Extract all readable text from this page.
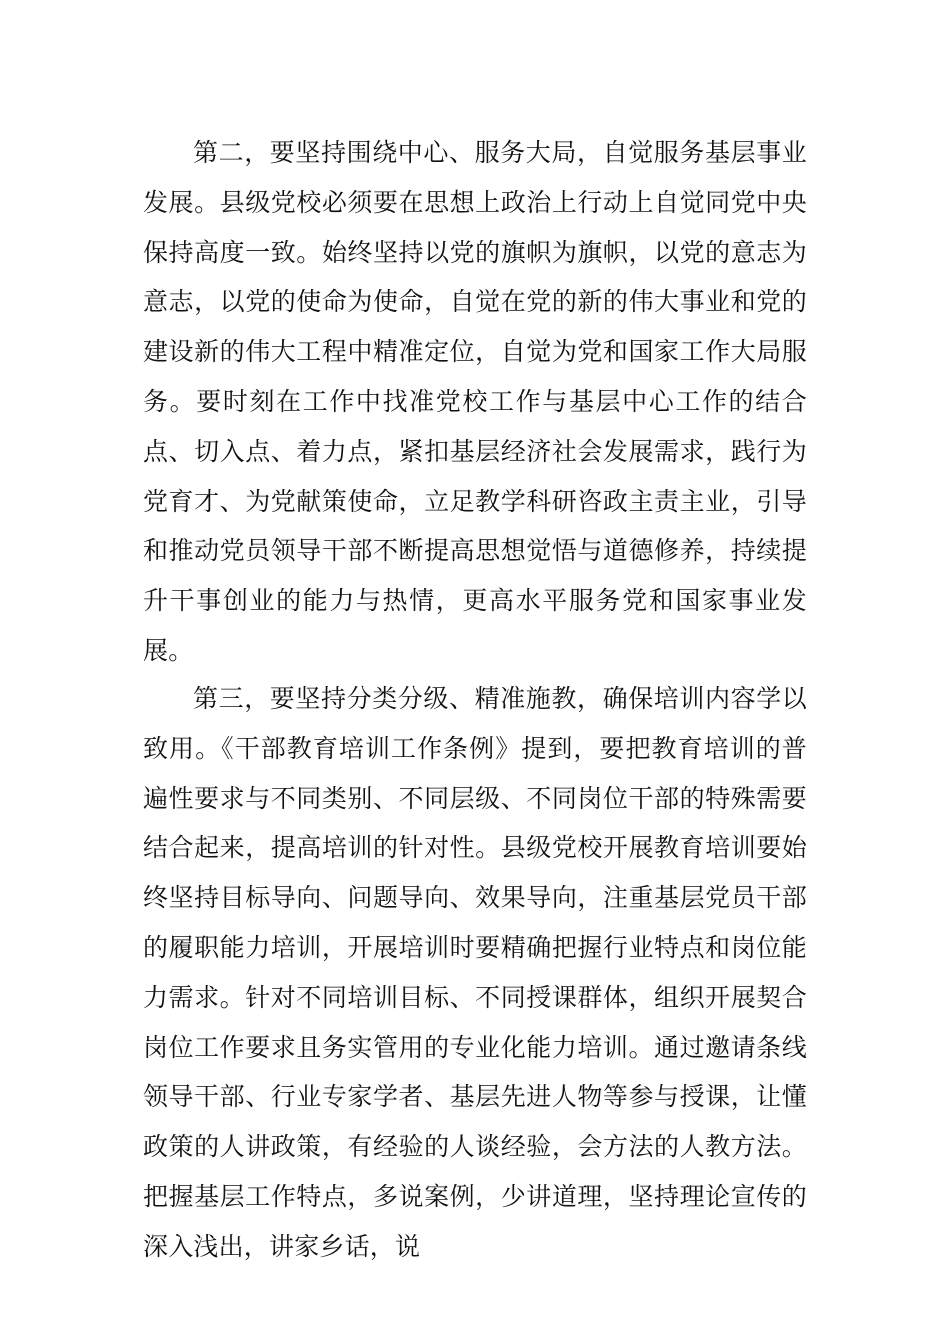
第二，要坚持围绕中心、服务大局，自觉服务基层事业发展。县级党校必须要在思想上政治上行动上自觉同党中央保持高度一致。始终坚持以党的旗帜为旗帜，以党的意志为意志，以党的使命为使命，自觉在党的新的伟大事业和党的建设新的伟大工程中精准定位，自觉为党和国家工作大局服务。要时刻在工作中找准党校工作与基层中心工作的结合点、切入点、着力点，紧扣基层经济社会发展需求，践行为党育才、为党献策使命，立足教学科研咨政主责主业，引导和推动党员领导干部不断提高思想觉悟与道德修养，持续提升干事创业的能力与热情，更高水平服务党和国家事业发展。
第三，要坚持分类分级、精准施教，确保培训内容学以致用。《干部教育培训工作条例》提到，要把教育培训的普遍性要求与不同类别、不同层级、不同岗位干部的特殊需要结合起来，提高培训的针对性。县级党校开展教育培训要始终坚持目标导向、问题导向、效果导向，注重基层党员干部的履职能力培训，开展培训时要精确把握行业特点和岗位能力需求。针对不同培训目标、不同授课群体，组织开展契合岗位工作要求且务实管用的专业化能力培训。通过邀请条线领导干部、行业专家学者、基层先进人物等参与授课，让懂政策的人讲政策，有经验的人谈经验，会方法的人教方法。把握基层工作特点，多说案例，少讲道理，坚持理论宣传的深入浅出，讲家乡话，说
